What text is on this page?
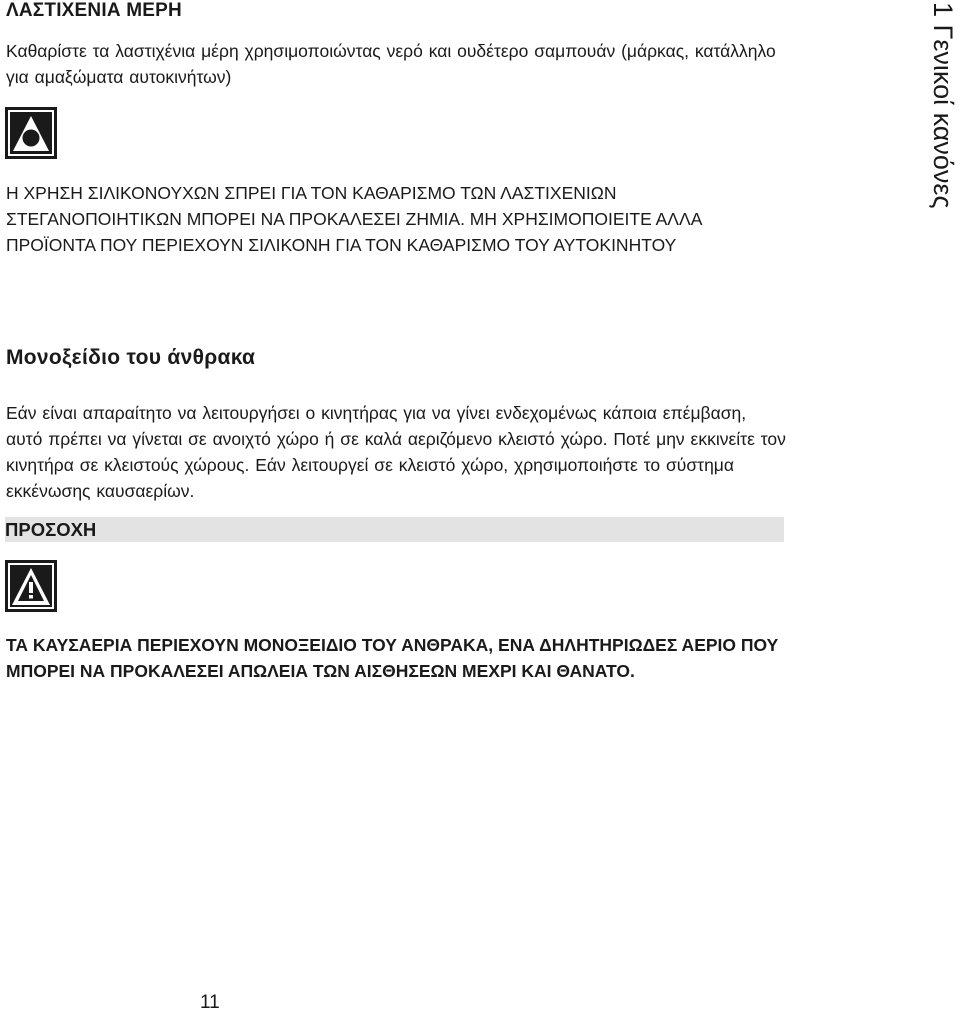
ΛΑΣΤΙΧΕΝΙΑ ΜΕΡΗ
Καθαρίστε τα λαστιχένια μέρη χρησιμοποιώντας νερό και ουδέτερο σαμπουάν (μάρκας, κατάλληλο για αμαξώματα αυτοκινήτων)
Η ΧΡΗΣΗ ΣΙΛΙΚΟΝΟΥΧΩΝ ΣΠΡΕΙ ΓΙΑ ΤΟΝ ΚΑΘΑΡΙΣΜΟ ΤΩΝ ΛΑΣΤΙΧΕΝΙΩΝ ΣΤΕΓΑΝΟΠΟΙΗΤΙΚΩΝ ΜΠΟΡΕΙ ΝΑ ΠΡΟΚΑΛΕΣΕΙ ΖΗΜΙΑ. ΜΗ ΧΡΗΣΙΜΟΠΟΙΕΙΤΕ ΑΛΛΑ ΠΡΟΪΟΝΤΑ ΠΟΥ ΠΕΡΙΕΧΟΥΝ ΣΙΛΙΚΟΝΗ ΓΙΑ ΤΟΝ ΚΑΘΑΡΙΣΜΟ ΤΟΥ ΑΥΤΟΚΙΝΗΤΟΥ
Μονοξείδιο του άνθρακα
Εάν είναι απαραίτητο να λειτουργήσει ο κινητήρας για να γίνει ενδεχομένως κάποια επέμβαση, αυτό πρέπει να γίνεται σε ανοιχτό χώρο ή σε καλά αεριζόμενο κλειστό χώρο. Ποτέ μην εκκινείτε τον κινητήρα σε κλειστούς χώρους. Εάν λειτουργεί σε κλειστό χώρο, χρησιμοποιήστε το σύστημα εκκένωσης καυσαερίων.
ΠΡΟΣΟΧΗ
ΤΑ ΚΑΥΣΑΕΡΙΑ ΠΕΡΙΕΧΟΥΝ ΜΟΝΟΞΕΙΔΙΟ ΤΟΥ ΑΝΘΡΑΚΑ, ΕΝΑ ΔΗΛΗΤΗΡΙΩΔΕΣ ΑΕΡΙΟ ΠΟΥ ΜΠΟΡΕΙ ΝΑ ΠΡΟΚΑΛΕΣΕΙ ΑΠΩΛΕΙΑ ΤΩΝ ΑΙΣΘΗΣΕΩΝ ΜΕΧΡΙ ΚΑΙ ΘΑΝΑΤΟ.
1 Γενικοί κανόνες
11
